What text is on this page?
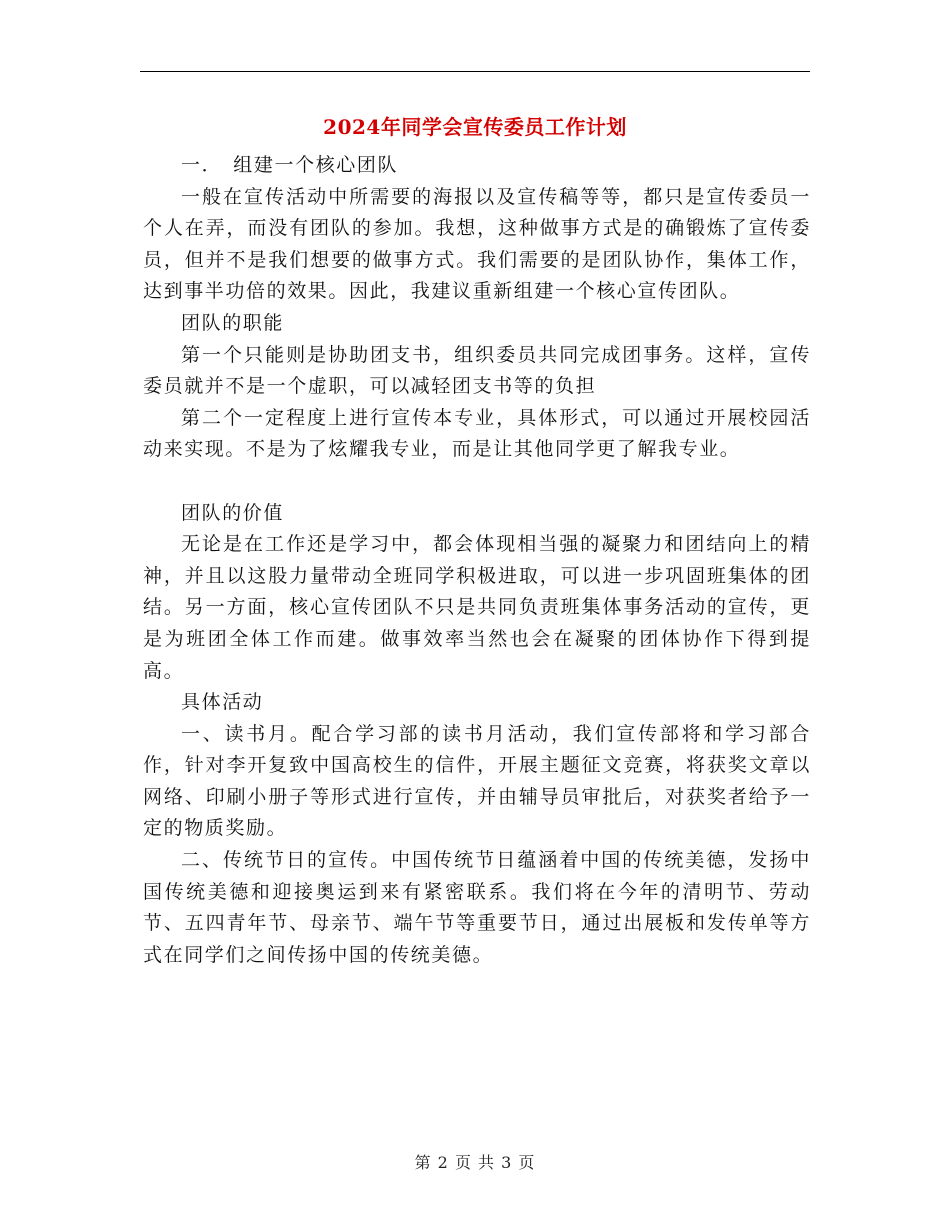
2024年同学会宣传委员工作计划

一．　组建一个核心团队

一般在宣传活动中所需要的海报以及宣传稿等等，都只是宣传委员一个人在弄，而没有团队的参加。我想，这种做事方式是的确锻炼了宣传委员，但并不是我们想要的做事方式。我们需要的是团队协作，集体工作，达到事半功倍的效果。因此，我建议重新组建一个核心宣传团队。

团队的职能

第一个只能则是协助团支书，组织委员共同完成团事务。这样，宣传委员就并不是一个虚职，可以减轻团支书等的负担

第二个一定程度上进行宣传本专业，具体形式，可以通过开展校园活动来实现。不是为了炫耀我专业，而是让其他同学更了解我专业。

团队的价值

无论是在工作还是学习中，都会体现相当强的凝聚力和团结向上的精神，并且以这股力量带动全班同学积极进取，可以进一步巩固班集体的团结。另一方面，核心宣传团队不只是共同负责班集体事务活动的宣传，更是为班团全体工作而建。做事效率当然也会在凝聚的团体协作下得到提高。

具体活动

一、读书月。配合学习部的读书月活动，我们宣传部将和学习部合作，针对李开复致中国高校生的信件，开展主题征文竞赛，将获奖文章以网络、印刷小册子等形式进行宣传，并由辅导员审批后，对获奖者给予一定的物质奖励。

二、传统节日的宣传。中国传统节日蕴涵着中国的传统美德，发扬中国传统美德和迎接奥运到来有紧密联系。我们将在今年的清明节、劳动节、五四青年节、母亲节、端午节等重要节日，通过出展板和发传单等方式在同学们之间传扬中国的传统美德。

第 2 页 共 3 页
